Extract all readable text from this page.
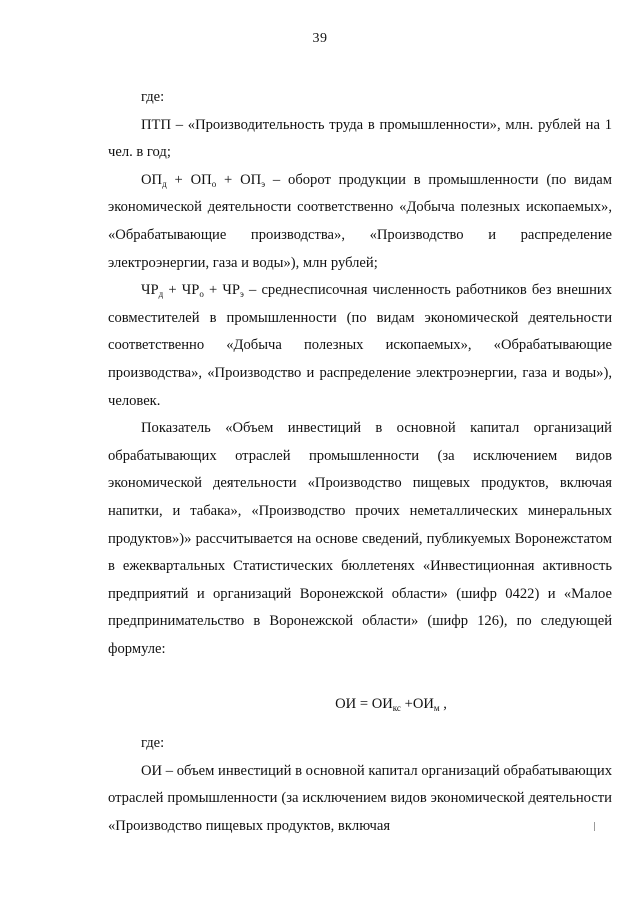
39

где:

ПТП – «Производительность труда в промышленности», млн. рублей на 1 чел. в год;

$ОП_д + ОП_о + ОП_э$ – оборот продукции в промышленности (по видам экономической деятельности соответственно «Добыча полезных ископаемых», «Обрабатывающие производства», «Производство и распределение электроэнергии, газа и воды»), млн рублей;

$ЧР_д + ЧР_о + ЧР_э$ – среднесписочная численность работников без внешних совместителей в промышленности (по видам экономической деятельности соответственно «Добыча полезных ископаемых», «Обрабатывающие производства», «Производство и распределение электроэнергии, газа и воды»), человек.

Показатель «Объем инвестиций в основной капитал организаций обрабатывающих отраслей промышленности (за исключением видов экономической деятельности «Производство пищевых продуктов, включая напитки, и табака», «Производство прочих неметаллических минеральных продуктов»)» рассчитывается на основе сведений, публикуемых Воронежстатом в ежеквартальных Статистических бюллетенях «Инвестиционная активность предприятий и организаций Воронежской области» (шифр 0422) и «Малое предпринимательство в Воронежской области» (шифр 126), по следующей формуле:

ОИ = $ОИ_{кс} +ОИ_м$ ,

где:

ОИ – объем инвестиций в основной капитал организаций обрабатывающих отраслей промышленности (за исключением видов экономической деятельности «Производство пищевых продуктов, включая
